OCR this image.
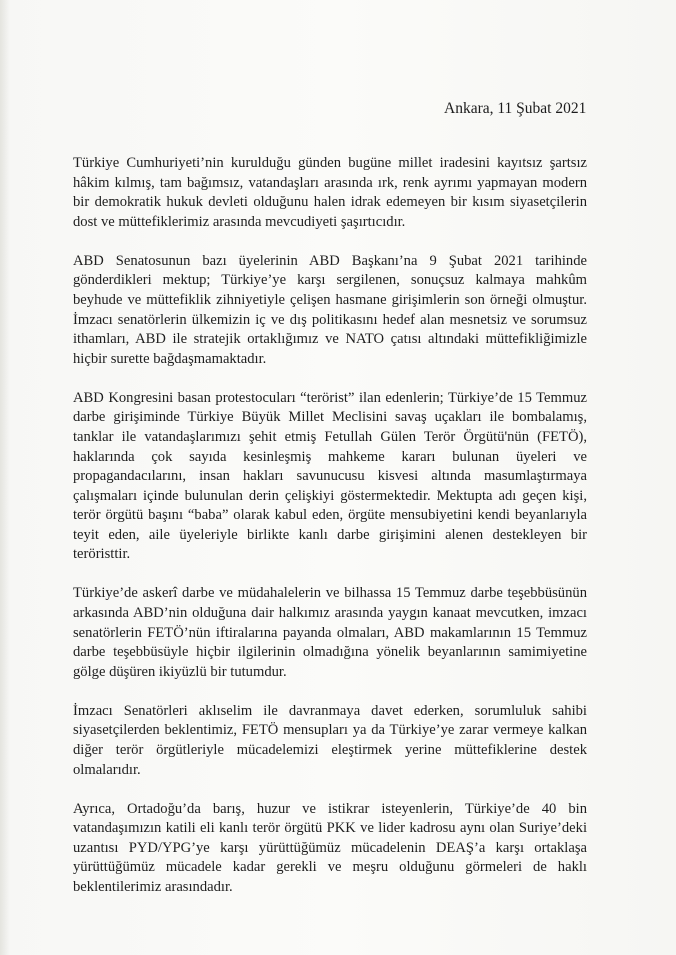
Ankara, 11 Şubat 2021

Türkiye Cumhuriyeti’nin kurulduğu günden bugüne millet iradesini kayıtsız şartsız hâkim kılmış, tam bağımsız, vatandaşları arasında ırk, renk ayrımı yapmayan modern bir demokratik hukuk devleti olduğunu halen idrak edemeyen bir kısım siyasetçilerin dost ve müttefiklerimiz arasında mevcudiyeti şaşırtıcıdır.

ABD Senatosunun bazı üyelerinin ABD Başkanı’na 9 Şubat 2021 tarihinde gönderdikleri mektup; Türkiye’ye karşı sergilenen, sonuçsuz kalmaya mahkûm beyhude ve müttefiklik zihniyetiyle çelişen hasmane girişimlerin son örneği olmuştur. İmzacı senatörlerin ülkemizin iç ve dış politikasını hedef alan mesnetsiz ve sorumsuz ithamları, ABD ile stratejik ortaklığımız ve NATO çatısı altındaki müttefikliğimizle hiçbir surette bağdaşmamaktadır.

ABD Kongresini basan protestocuları “terörist” ilan edenlerin; Türkiye’de 15 Temmuz darbe girişiminde Türkiye Büyük Millet Meclisini savaş uçakları ile bombalamış, tanklar ile vatandaşlarımızı şehit etmiş Fetullah Gülen Terör Örgütü'nün (FETÖ), haklarında çok sayıda kesinleşmiş mahkeme kararı bulunan üyeleri ve propagandacılarını, insan hakları savunucusu kisvesi altında masumlaştırmaya çalışmaları içinde bulunulan derin çelişkiyi göstermektedir. Mektupta adı geçen kişi, terör örgütü başını “baba” olarak kabul eden, örgüte mensubiyetini kendi beyanlarıyla teyit eden, aile üyeleriyle birlikte kanlı darbe girişimini alenen destekleyen bir teröristtir.

Türkiye’de askerî darbe ve müdahalelerin ve bilhassa 15 Temmuz darbe teşebbüsünün arkasında ABD’nin olduğuna dair halkımız arasında yaygın kanaat mevcutken, imzacı senatörlerin FETÖ’nün iftiralarına payanda olmaları, ABD makamlarının 15 Temmuz darbe teşebbüsüyle hiçbir ilgilerinin olmadığına yönelik beyanlarının samimiyetine gölge düşüren ikiyüzlü bir tutumdur.

İmzacı Senatörleri aklıselim ile davranmaya davet ederken, sorumluluk sahibi siyasetçilerden beklentimiz, FETÖ mensupları ya da Türkiye’ye zarar vermeye kalkan diğer terör örgütleriyle mücadelemizi eleştirmek yerine müttefiklerine destek olmalarıdır.

Ayrıca, Ortadoğu’da barış, huzur ve istikrar isteyenlerin, Türkiye’de 40 bin vatandaşımızın katili eli kanlı terör örgütü PKK ve lider kadrosu aynı olan Suriye’deki uzantısı PYD/YPG’ye karşı yürüttüğümüz mücadelenin DEAŞ’a karşı ortaklaşa yürüttüğümüz mücadele kadar gerekli ve meşru olduğunu görmeleri de haklı beklentilerimiz arasındadır.
